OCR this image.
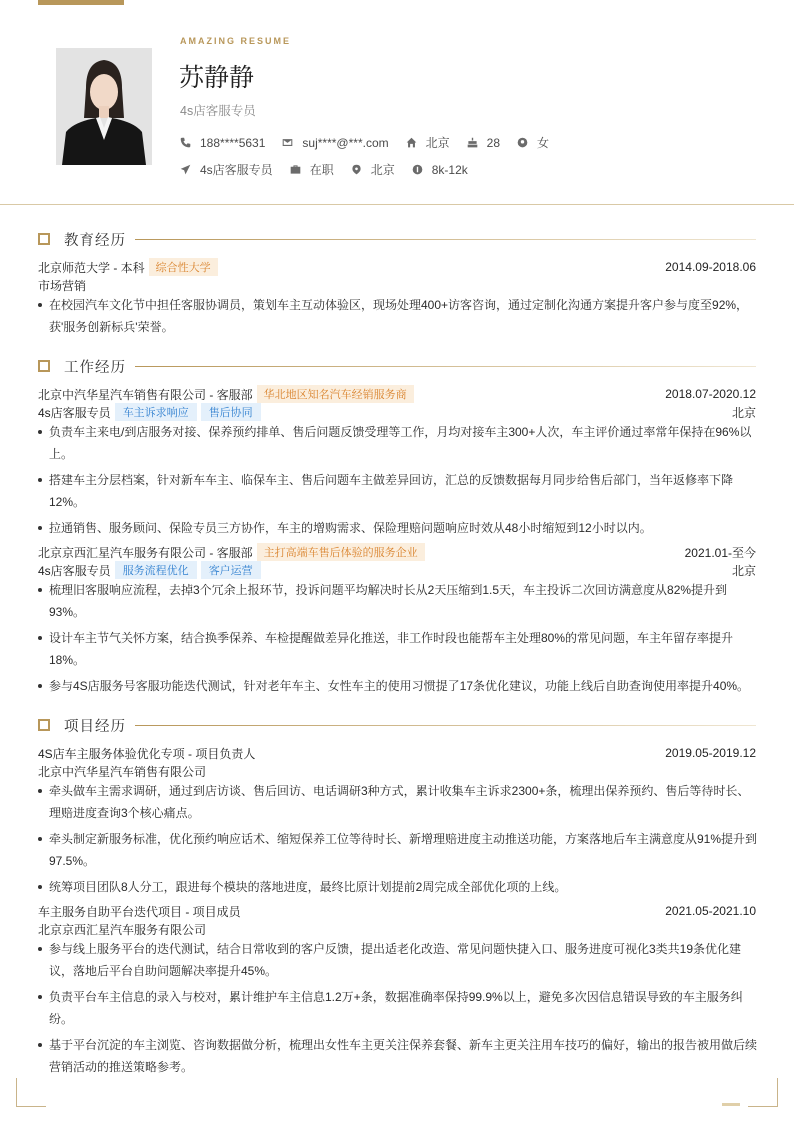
AMAZING RESUME
苏静静
4s店客服专员
188****5631	suj****@***.com	北京	28	女
4s店客服专员	在职	北京	8k-12k
教育经历
北京师范大学 - 本科	综合性大学	2014.09-2018.06
市场营销
在校园汽车文化节中担任客服协调员，策划车主互动体验区，现场处理400+访客咨询，通过定制化沟通方案提升客户参与度至92%，获'服务创新标兵'荣誉。
工作经历
北京中汽华星汽车销售有限公司 - 客服部	华北地区知名汽车经销服务商	2018.07-2020.12
4s店客服专员	车主诉求响应	售后协同	北京
负责车主来电/到店服务对接、保养预约排单、售后问题反馈受理等工作，月均对接车主300+人次，车主评价通过率常年保持在96%以上。
搭建车主分层档案，针对新车车主、临保车主、售后问题车主做差异回访，汇总的反馈数据每月同步给售后部门，当年返修率下降12%。
拉通销售、服务顾问、保险专员三方协作，车主的增购需求、保险理赔问题响应时效从48小时缩短到12小时以内。
北京京西汇星汽车服务有限公司 - 客服部	主打高端车售后体验的服务企业	2021.01-至今
4s店客服专员	服务流程优化	客户运营	北京
梳理旧客服响应流程，去掉3个冗余上报环节，投诉问题平均解决时长从2天压缩到1.5天，车主投诉二次回访满意度从82%提升到93%。
设计车主节气关怀方案，结合换季保养、车检提醒做差异化推送，非工作时段也能帮车主处理80%的常见问题，车主年留存率提升18%。
参与4S店服务号客服功能迭代测试，针对老年车主、女性车主的使用习惯提了17条优化建议，功能上线后自助查询使用率提升40%。
项目经历
4S店车主服务体验优化专项 - 项目负责人	2019.05-2019.12
北京中汽华星汽车销售有限公司
牵头做车主需求调研，通过到店访谈、售后回访、电话调研3种方式，累计收集车主诉求2300+条，梳理出保养预约、售后等待时长、理赔进度查询3个核心痛点。
牵头制定新服务标准，优化预约响应话术、缩短保养工位等待时长、新增理赔进度主动推送功能，方案落地后车主满意度从91%提升到97.5%。
统筹项目团队8人分工，跟进每个模块的落地进度，最终比原计划提前2周完成全部优化项的上线。
车主服务自助平台迭代项目 - 项目成员	2021.05-2021.10
北京京西汇星汽车服务有限公司
参与线上服务平台的迭代测试，结合日常收到的客户反馈，提出适老化改造、常见问题快捷入口、服务进度可视化3类共19条优化建议，落地后平台自助问题解决率提升45%。
负责平台车主信息的录入与校对，累计维护车主信息1.2万+条，数据准确率保持99.9%以上，避免多次因信息错误导致的车主服务纠纷。
基于平台沉淀的车主浏览、咨询数据做分析，梳理出女性车主更关注保养套餐、新车主更关注用车技巧的偏好，输出的报告被用做后续营销活动的推送策略参考。
